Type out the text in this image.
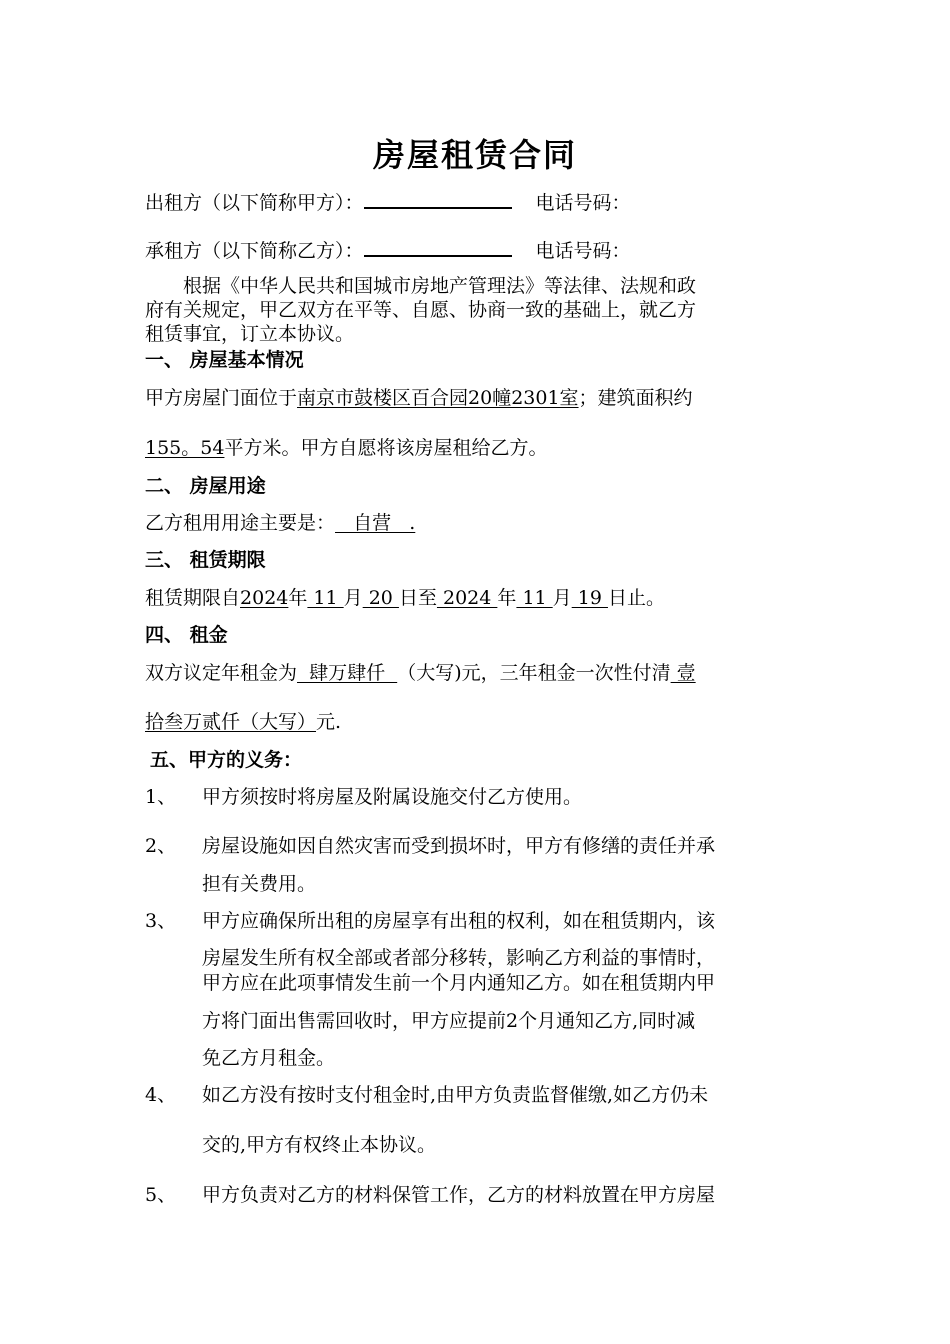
房屋租赁合同
出租方（以下简称甲方）：	电话号码：
承租方（以下简称乙方）：	电话号码：
根据《中华人民共和国城市房地产管理法》等法律、法规和政
府有关规定，甲乙双方在平等、自愿、协商一致的基础上，就乙方
租赁事宜，订立本协议。
一、 房屋基本情况
甲方房屋门面位于南京市鼓楼区百合园20幢2301室；建筑面积约
155。54平方米。甲方自愿将该房屋租给乙方。
二、 房屋用途
乙方租用用途主要是：   自营   .
三、 租赁期限
租赁期限自2024年 11 月 20 日至 2024 年 11 月 19 日止。
四、 租金
双方议定年租金为  肆万肆仟  （大写)元，三年租金一次性付清 壹
拾叁万贰仟（大写）元.
五、甲方的义务：
1、 甲方须按时将房屋及附属设施交付乙方使用。
2、 房屋设施如因自然灾害而受到损坏时，甲方有修缮的责任并承
担有关费用。
3、 甲方应确保所出租的房屋享有出租的权利，如在租赁期内，该
房屋发生所有权全部或者部分移转，影响乙方利益的事情时，
甲方应在此项事情发生前一个月内通知乙方。如在租赁期内甲
方将门面出售需回收时，甲方应提前2个月通知乙方,同时减
免乙方月租金。
4、 如乙方没有按时支付租金时,由甲方负责监督催缴,如乙方仍未
交的,甲方有权终止本协议。
5、 甲方负责对乙方的材料保管工作，乙方的材料放置在甲方房屋
